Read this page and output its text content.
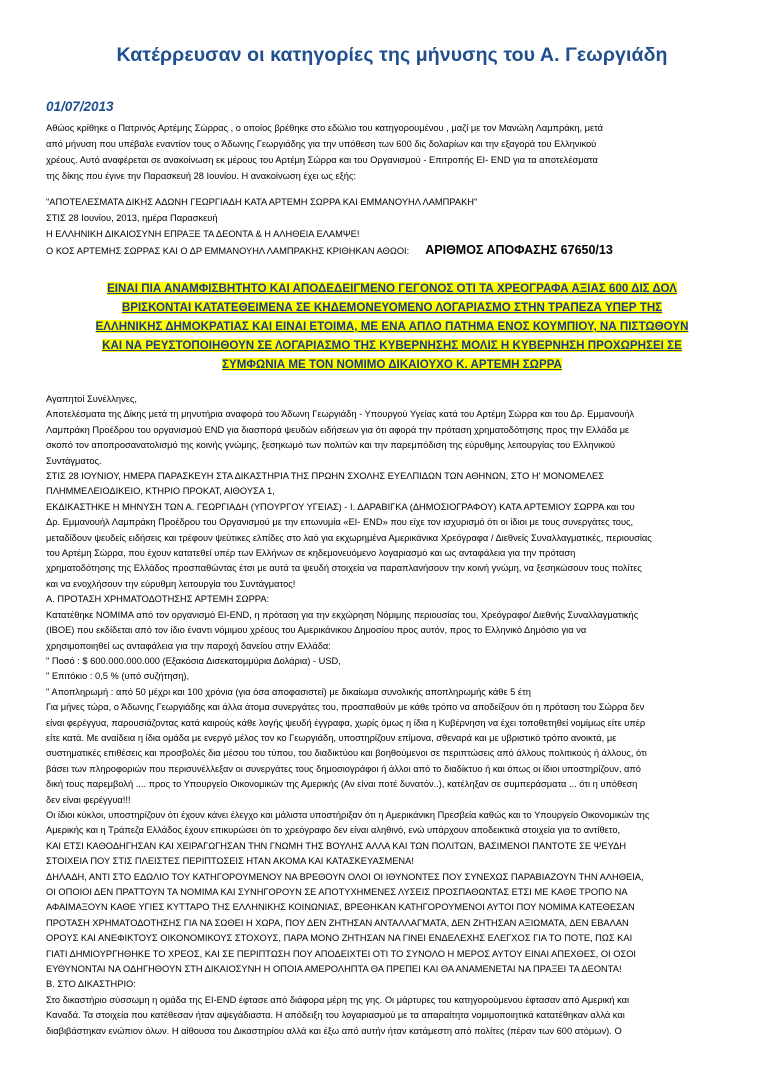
Κατέρρευσαν οι κατηγορίες της μήνυσης του Α. Γεωργιάδη
01/07/2013

Αθώος κρίθηκε ο Πατρινός Αρτέμης Σώρρας , ο οποίος βρέθηκε στο εδώλιο του κατηγορουμένου , μαζί με τον Μανώλη Λαμπράκη, μετά

από μήνυση που υπέβαλε εναντίον τους ο Άδωνης Γεωργιάδης για την υπόθεση των 600 δις δολαρίων και την εξαγορά του Ελληνικού

χρέους. Αυτό αναφέρεται σε ανακοίνωση εκ μέρους του Αρτέμη Σώρρα και του Οργανισμού - Επιτροπής EI- END για τα αποτελέσματα

της δίκης που έγινε την Παρασκευή 28 Ιουνίου. Η ανακοίνωση έχει ως εξής:

"ΑΠΟΤΕΛΕΣΜΑΤΑ ΔΙΚΗΣ ΑΔΩΝΗ ΓΕΩΡΓΙΑΔΗ ΚΑΤΑ ΑΡΤΕΜΗ ΣΩΡΡΑ ΚΑΙ ΕΜΜΑΝΟΥΗΛ ΛΑΜΠΡΑΚΗ"

ΣΤΙΣ 28 Ιουνίου, 2013, ημέρα Παρασκευή

Η ΕΛΛΗΝΙΚΗ ΔΙΚΑΙΟΣΥΝΗ ΕΠΡΑΞΕ ΤΑ ΔΕΟΝΤΑ & Η ΑΛΗΘΕΙΑ ΕΛΑΜΨΕ!

Ο ΚΟΣ ΑΡΤΕΜΗΣ ΣΩΡΡΑΣ ΚΑΙ Ο ΔΡ ΕΜΜΑΝΟΥΗΛ ΛΑΜΠΡΑΚΗΣ ΚΡΙΘΗΚΑΝ ΑΘΩΟΙ: ΑΡΙΘΜΟΣ ΑΠΟΦΑΣΗΣ 67650/13

ΕΙΝΑΙ ΠΙΑ ΑΝΑΜΦΙΣΒΗΤΗΤΟ ΚΑΙ ΑΠΟΔΕΔΕΙΓΜΕΝΟ ΓΕΓΟΝΟΣ ΟΤΙ ΤΑ ΧΡΕΟΓΡΑΦΑ ΑΞΙΑΣ 600 ΔΙΣ ΔΟΛ
ΒΡΙΣΚΟΝΤΑΙ ΚΑΤΑΤΕΘΕΙΜΕΝΑ ΣΕ ΚΗΔΕΜΟΝΕΥΟΜΕΝΟ ΛΟΓΑΡΙΑΣΜΟ ΣΤΗΝ ΤΡΑΠΕΖΑ ΥΠΕΡ ΤΗΣ
ΕΛΛΗΝΙΚΗΣ ΔΗΜΟΚΡΑΤΙΑΣ ΚΑΙ ΕΙΝΑΙ ΕΤΟΙΜΑ, ΜΕ ΕΝΑ ΑΠΛΟ ΠΑΤΗΜΑ ΕΝΟΣ ΚΟΥΜΠΙΟΥ, ΝΑ ΠΙΣΤΩΘΟΥΝ
ΚΑΙ ΝΑ ΡΕΥΣΤΟΠΟΙΗΘΟΥΝ ΣΕ ΛΟΓΑΡΙΑΣΜΟ ΤΗΣ ΚΥΒΕΡΝΗΣΗΣ ΜΟΛΙΣ Η ΚΥΒΕΡΝΗΣΗ ΠΡΟΧΩΡΗΣΕΙ ΣΕ
ΣΥΜΦΩΝΙΑ ΜΕ ΤΟΝ ΝΟΜΙΜΟ ΔΙΚΑΙΟΥΧΟ Κ. ΑΡΤΕΜΗ ΣΩΡΡΑ

Αγαπητοί Συνέλληνες,

Αποτελέσματα της Δίκης μετά τη μηνυτήρια αναφορά του Άδωνη Γεωργιάδη - Υπουργού Υγείας κατά του Αρτέμη Σώρρα και του Δρ. Εμμανουήλ

Λαμπράκη Προέδρου του οργανισμού END για διασπορά ψευδών ειδήσεων για ότι αφορά την πρόταση χρηματοδότησης προς την Ελλάδα με

σκοπό τον αποπροσανατολισμό της κοινής γνώμης, ξεσηκωμό των πολιτών και την παρεμπόδιση της εύρυθμης λειτουργίας του Ελληνικού

Συντάγματος.

ΣΤΙΣ 28 ΙΟΥΝΙΟΥ, ΗΜΕΡΑ ΠΑΡΑΣΚΕΥΗ ΣΤΑ ΔΙΚΑΣΤΗΡΙΑ ΤΗΣ ΠΡΩΗΝ ΣΧΟΛΗΣ ΕΥΕΛΠΙΔΩΝ ΤΩΝ ΑΘΗΝΩΝ, ΣΤΟ Η' ΜΟΝΟΜΕΛΕΣ

ΠΛΗΜΜΕΛΕΙΟΔΙΚΕΙΟ, ΚΤΗΡΙΟ ΠΡΟΚΑΤ, ΑΙΘΟΥΣΑ 1,

ΕΚΔΙΚΑΣΤΗΚΕ Η ΜΗΝΥΣΗ ΤΩΝ Α. ΓΕΩΡΓΙΑΔΗ (ΥΠΟΥΡΓΟΥ ΥΓΕΙΑΣ) - Ι. ΔΑΡΑΒΙΓΚΑ (ΔΗΜΟΣΙΟΓΡΑΦΟΥ) ΚΑΤΑ ΑΡΤΕΜΙΟΥ ΣΩΡΡΑ και του

Δρ. Εμμανουήλ Λαμπράκη Προέδρου του Οργανισμού με την επωνυμία «EI- END» που είχε τον ισχυρισμό ότι οι ίδιοι με τους συνεργάτες τους,

μεταδίδουν ψευδείς ειδήσεις και τρέφουν ψεύτικες ελπίδες στο λαό για εκχωρημένα Αμερικάνικα Χρεόγραφα / Διεθνείς Συναλλαγματικές, περιουσίας

του Αρτέμη Σώρρα, που έχουν κατατεθεί υπέρ των Ελλήνων σε κηδεμονευόμενο λογαριασμό και ως ανταφάλεια για την πρόταση

χρηματοδότησης της Ελλάδος προσπαθώντας έτσι με αυτά τα ψευδή στοιχεία να παραπλανήσουν την κοινή γνώμη, να ξεσηκώσουν τους πολίτες

και να ενοχλήσουν την εύρυθμη λειτουργία του Συντάγματος!

Α. ΠΡΟΤΑΣΗ ΧΡΗΜΑΤΟΔΟΤΗΣΗΣ ΑΡΤΕΜΗ ΣΩΡΡΑ:

Κατατέθηκε ΝΟΜΙΜΑ από τον οργανισμό ΕΙ-END, η πρόταση για την εκχώρηση Νόμιμης περιουσίας του, Χρεόγραφο/ Διεθνής Συναλλαγματικής

(IBOE) που εκδίδεται από τον ίδιο έναντι νόμιμου χρέους του Αμερικάνικου Δημοσίου προς αυτόν, προς το Ελληνικό Δημόσιο για να

χρησιμοποιηθεί ως ανταφάλεια για την παροχή δανείου στην Ελλάδα:

" Ποσό : $ 600.000.000.000 (Εξακόσια Δισεκατομμύρια Δολάρια) - USD,

" Επιτόκιο : 0,5 % (υπό συζήτηση),

" Αποπληρωμή : από 50 μέχρι και 100 χρόνια (για όσα αποφασιστεί) με δικαίωμα συνολικής αποπληρωμής κάθε 5 έτη

Για μήνες τώρα, ο Άδωνης Γεωργιάδης και άλλα άτομα συνεργάτες του, προσπαθούν με κάθε τρόπο να αποδείξουν ότι η πρόταση του Σώρρα δεν

είναι φερέγγυα, παρουσιάζοντας κατά καιρούς κάθε λογής ψευδή έγγραφα, χωρίς όμως η ίδια η Κυβέρνηση να έχει τοποθετηθεί νομίμως είτε υπέρ

είτε κατά. Με αναίδεια η ίδια ομάδα με ενεργό μέλος τον κο Γεωργιάδη, υποστηρίζουν επίμονα, σθεναρά και με υβριστικό τρόπο ανοικτά, με

συστηματικές επιθέσεις και προσβολές δια μέσου του τύπου, του διαδικτύου και βοηθούμενοι σε περιπτώσεις από άλλους πολιτικούς ή άλλους, ότι

βάσει των πληροφοριών που περισυνέλλεξαν οι συνεργάτες τους δημοσιογράφοι ή άλλοι από το διαδίκτυο ή και όπως οι ίδιοι υποστηρίζουν, από

δική τους παρεμβολή .... προς το Υπουργείο Οικονομικών της Αμερικής (Αν είναι ποτέ δυνατόν..), κατέληξαν σε συμπεράσματα ... ότι η υπόθεση

δεν είναι φερέγγυα!!!

Οι ίδιοι κύκλοι, υποστηρίζουν ότι έχουν κάνει έλεγχο και μάλιστα υποστήριξαν ότι η Αμερικάνικη Πρεσβεία καθώς και το Υπουργείο Οικονομικών της

Αμερικής και η Τράπεζα Ελλάδος έχουν επικυρώσει ότι το χρεόγραφο δεν είναι αληθινό, ενώ υπάρχουν αποδεικτικά στοιχεία για το αντίθετο,

ΚΑΙ ΕΤΣΙ ΚΑΘΟΔΗΓΗΣΑΝ ΚΑΙ ΧΕΙΡΑΓΩΓΗΣΑΝ ΤΗΝ ΓΝΩΜΗ ΤΗΣ ΒΟΥΛΗΣ ΑΛΛΑ ΚΑΙ ΤΩΝ ΠΟΛΙΤΩΝ, ΒΑΣΙΜΕΝΟΙ ΠΑΝΤΟΤΕ ΣΕ ΨΕΥΔΗ

ΣΤΟΙΧΕΙΑ ΠΟΥ ΣΤΙΣ ΠΛΕΙΣΤΕΣ ΠΕΡΙΠΤΩΣΕΙΣ ΗΤΑΝ ΑΚΟΜΑ ΚΑΙ ΚΑΤΑΣΚΕΥΑΣΜΕΝΑ!

ΔΗΛΑΔΗ, ΑΝΤΙ ΣΤΟ ΕΔΩΛΙΟ ΤΟΥ ΚΑΤΗΓΟΡΟΥΜΕΝΟΥ ΝΑ ΒΡΕΘΟΥΝ ΟΛΟΙ ΟΙ ΙΘΥΝΟΝΤΕΣ ΠΟΥ ΣΥΝΕΧΩΣ ΠΑΡΑΒΙΑΖΟΥΝ ΤΗΝ ΑΛΗΘΕΙΑ,

ΟΙ ΟΠΟΙΟΙ ΔΕΝ ΠΡΑΤΤΟΥΝ ΤΑ ΝΟΜΙΜΑ ΚΑΙ ΣΥΝΗΓΟΡΟΥΝ ΣΕ ΑΠΟΤΥΧΗΜΕΝΕΣ ΛΥΣΕΙΣ ΠΡΟΣΠΑΘΩΝΤΑΣ ΕΤΣΙ ΜΕ ΚΑΘΕ ΤΡΟΠΟ ΝΑ

ΑΦΑΙΜΑΞΟΥΝ ΚΑΘΕ ΥΓΙΕΣ ΚΥΤΤΑΡΟ ΤΗΣ ΕΛΛΗΝΙΚΗΣ ΚΟΙΝΩΝΙΑΣ, ΒΡΕΘΗΚΑΝ ΚΑΤΗΓΟΡΟΥΜΕΝΟΙ ΑΥΤΟΙ ΠΟΥ ΝΟΜΙΜΑ ΚΑΤΕΘΕΣΑΝ

ΠΡΟΤΑΣΗ ΧΡΗΜΑΤΟΔΟΤΗΣΗΣ ΓΙΑ ΝΑ ΣΩΘΕΙ Η ΧΩΡΑ, ΠΟΥ ΔΕΝ ΖΗΤΗΣΑΝ ΑΝΤΑΛΛΑΓΜΑΤΑ, ΔΕΝ ΖΗΤΗΣΑΝ ΑΞΙΩΜΑΤΑ, ΔΕΝ ΕΒΑΛΑΝ

ΟΡΟΥΣ ΚΑΙ ΑΝΕΦΙΚΤΟΥΣ ΟΙΚΟΝΟΜΙΚΟΥΣ ΣΤΟΧΟΥΣ, ΠΑΡΑ ΜΟΝΟ ΖΗΤΗΣΑΝ ΝΑ ΓΙΝΕΙ ΕΝΔΕΛΕΧΗΣ ΕΛΕΓΧΟΣ ΓΙΑ ΤΟ ΠΟΤΕ, ΠΩΣ ΚΑΙ

ΓΙΑΤΙ ΔΗΜΙΟΥΡΓΗΘΗΚΕ ΤΟ ΧΡΕΟΣ, ΚΑΙ ΣΕ ΠΕΡΙΠΤΩΣΗ ΠΟΥ ΑΠΟΔΕΙΧΤΕΙ ΟΤΙ ΤΟ ΣΥΝΟΛΟ Η ΜΕΡΟΣ ΑΥΤΟΥ ΕΙΝΑΙ ΑΠΕΧΘΕΣ, ΟΙ ΟΣΟΙ

ΕΥΘΥΝΟΝΤΑΙ ΝΑ ΟΔΗΓΗΘΟΥΝ ΣΤΗ ΔΙΚΑΙΟΣΥΝΗ Η ΟΠΟΙΑ ΑΜΕΡΟΛΗΠΤΑ ΘΑ ΠΡΕΠΕΙ ΚΑΙ ΘΑ ΑΝΑΜΕΝΕΤΑΙ ΝΑ ΠΡΑΞΕΙ ΤΑ ΔΕΟΝΤΑ!

Β. ΣΤΟ ΔΙΚΑΣΤΗΡΙΟ:

Στο δικαστήριο σύσσωμη η ομάδα της ΕΙ-END έφτασε από διάφορα μέρη της γης. Οι μάρτυρες του κατηγορούμενου έφτασαν από Αμερική και

Καναδά. Τα στοιχεία που κατέθεσαν ήταν αψεγάδιαστα. Η απόδειξη του λογαριασμού με τα απαραίτητα νομιμοποιητικά κατατέθηκαν αλλά και

διαβιβάστηκαν ενώπιον όλων. Η αίθουσα του Δικαστηρίου αλλά και έξω από αυτήν ήταν κατάμεστη από πολίτες (πέραν των 600 ατόμων). Ο
